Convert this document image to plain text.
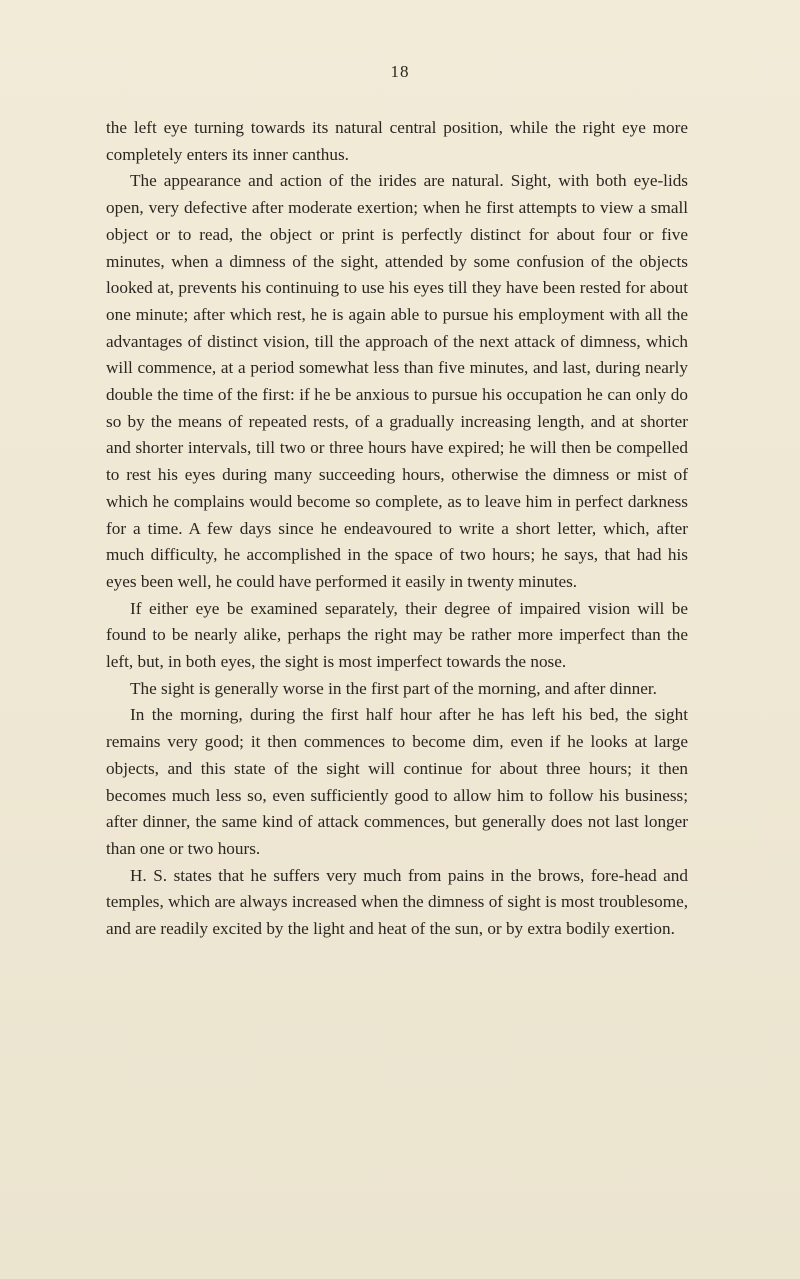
18

the left eye turning towards its natural central position, while the right eye more completely enters its inner canthus.

The appearance and action of the irides are natural. Sight, with both eye-lids open, very defective after moderate exertion; when he first attempts to view a small object or to read, the object or print is perfectly distinct for about four or five minutes, when a dimness of the sight, attended by some confusion of the objects looked at, prevents his continuing to use his eyes till they have been rested for about one minute; after which rest, he is again able to pursue his employment with all the advantages of distinct vision, till the approach of the next attack of dimness, which will commence, at a period somewhat less than five minutes, and last, during nearly double the time of the first: if he be anxious to pursue his occupation he can only do so by the means of repeated rests, of a gradually increasing length, and at shorter and shorter intervals, till two or three hours have expired; he will then be compelled to rest his eyes during many succeeding hours, otherwise the dimness or mist of which he complains would become so complete, as to leave him in perfect darkness for a time. A few days since he endeavoured to write a short letter, which, after much difficulty, he accomplished in the space of two hours; he says, that had his eyes been well, he could have performed it easily in twenty minutes.

If either eye be examined separately, their degree of impaired vision will be found to be nearly alike, perhaps the right may be rather more imperfect than the left, but, in both eyes, the sight is most imperfect towards the nose.

The sight is generally worse in the first part of the morning, and after dinner.

In the morning, during the first half hour after he has left his bed, the sight remains very good; it then commences to become dim, even if he looks at large objects, and this state of the sight will continue for about three hours; it then becomes much less so, even sufficiently good to allow him to follow his business; after dinner, the same kind of attack commences, but generally does not last longer than one or two hours.

H. S. states that he suffers very much from pains in the brows, fore-head and temples, which are always increased when the dimness of sight is most troublesome, and are readily excited by the light and heat of the sun, or by extra bodily exertion.
